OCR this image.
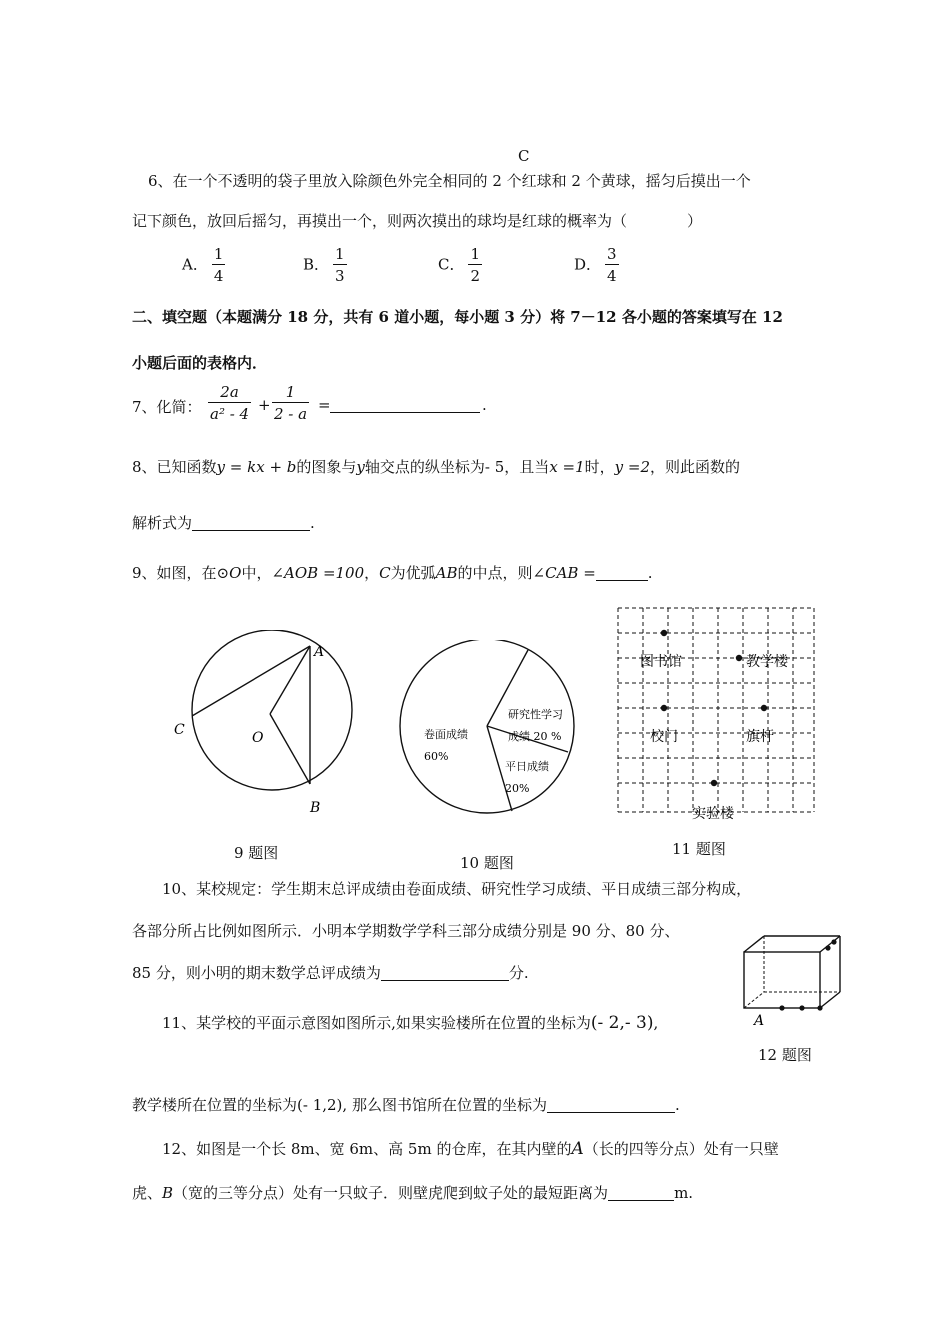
C
6、在一个不透明的袋子里放入除颜色外完全相同的 2 个红球和 2 个黄球，摇匀后摸出一个
记下颜色，放回后摇匀，再摸出一个，则两次摸出的球均是红球的概率为（　　　　）
A． $\frac{1}{4}$	B． $\frac{1}{3}$	C． $\frac{1}{2}$	D． $\frac{3}{4}$
二、填空题（本题满分 18 分，共有 6 道小题，每小题 3 分）将 7－12 各小题的答案填写在 12
小题后面的表格内．
7、化简： $\frac{2a}{\text{a² - 4}} + \frac{1}{2 - a}$ =	.
8、已知函数y = kx + b的图象与y轴交点的纵坐标为- 5，且当x =1时，y =2，则此函数的
解析式为	.
9、如图，在⊙O中，∠AOB =100，C为优弧AB的中点，则∠CAB =	.
A
B
C	O
9 题图
卷面成绩
60%
研究性学习
成绩 20 %
平日成绩
20%
10 题图
图书馆	教学楼
校门	旗杆
实验楼
11 题图
10、某校规定：学生期末总评成绩由卷面成绩、研究性学习成绩、平日成绩三部分构成，
各部分所占比例如图所示．小明本学期数学学科三部分成绩分别是 90 分、80 分、
85 分，则小明的期末数学总评成绩为	分.
A
12 题图
11、某学校的平面示意图如图所示,如果实验楼所在位置的坐标为(- 2,- 3),
教学楼所在位置的坐标为(- 1,2), 那么图书馆所在位置的坐标为	.
12、如图是一个长 8m、宽 6m、高 5m 的仓库，在其内壁的A（长的四等分点）处有一只壁
虎、B（宽的三等分点）处有一只蚊子．则壁虎爬到蚊子处的最短距离为	m.
